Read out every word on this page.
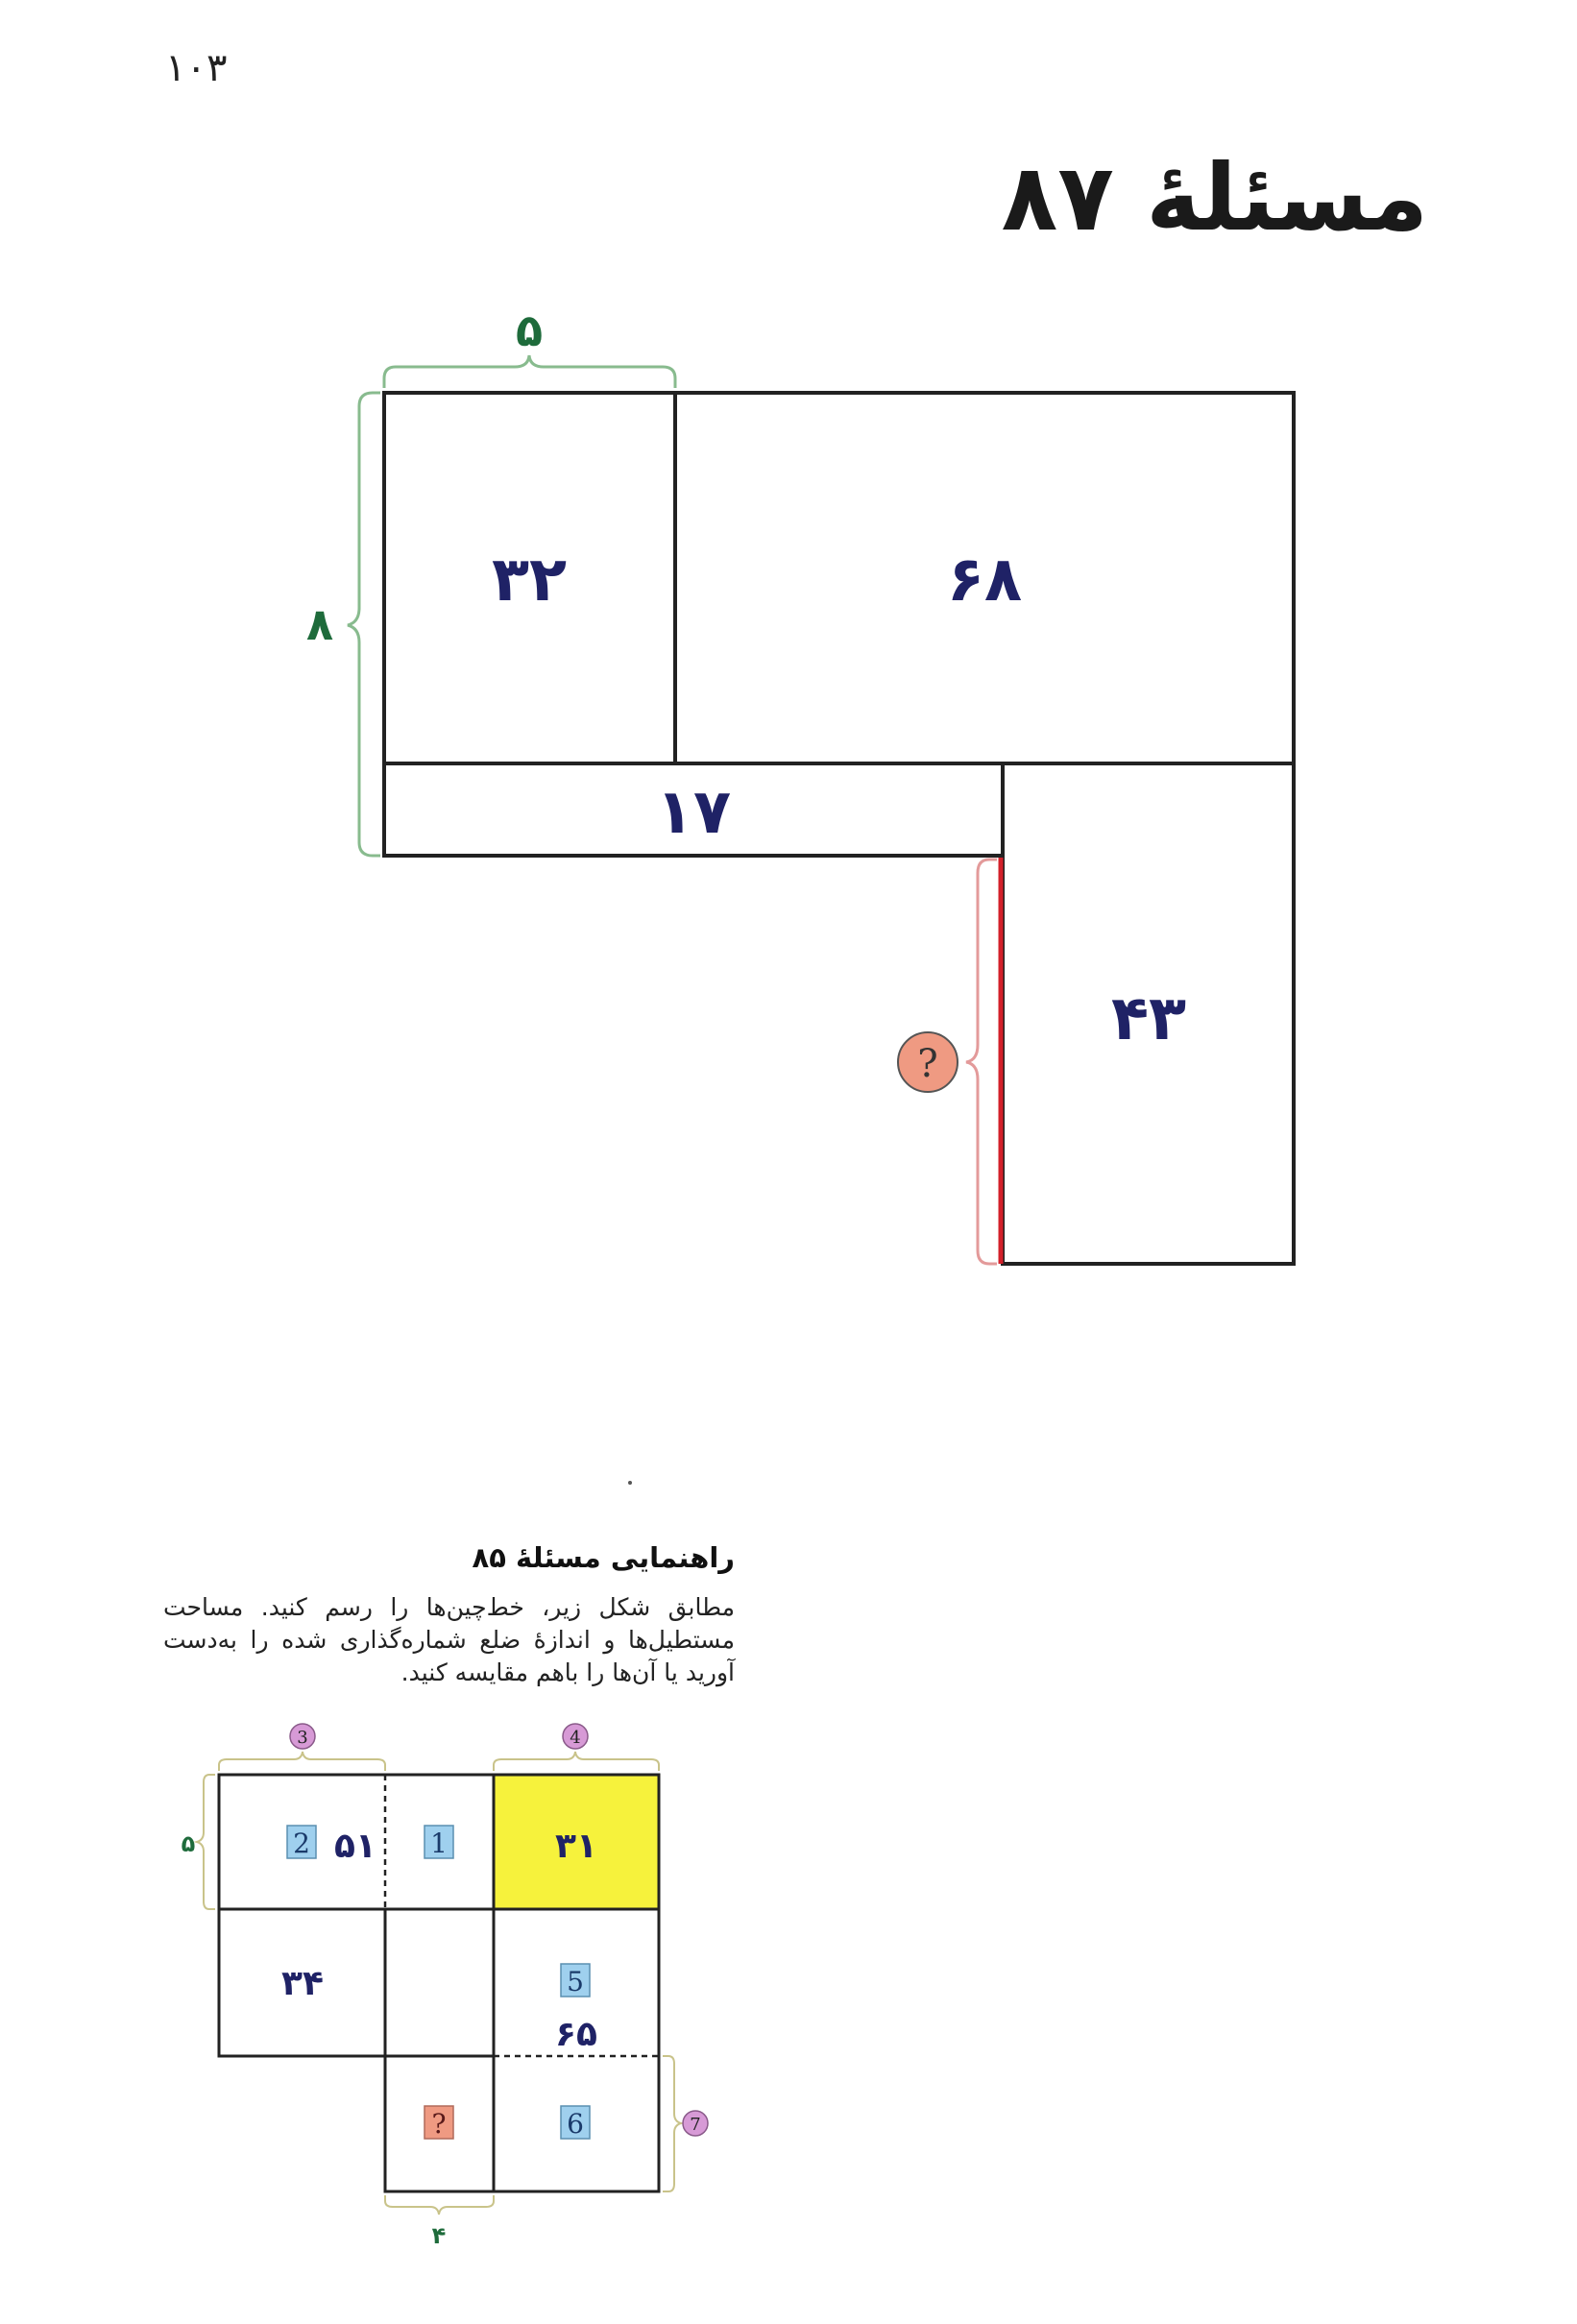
۱۰۳
مسئلهٔ ۸۷
۳۲	۶۸
۱۷
۴۳
۵
۸
?
3	4
7
2	1
5
6
?
۵۱	۳۱
۳۴
۶۵
۵
۴

راهنمایی مسئلهٔ ۸۵

مطابق شکل زیر، خط‌چین‌ها را رسم کنید. مساحت مستطیل‌ها و اندازهٔ ضلع شماره‌گذاری شده را به‌دست آورید یا آن‌ها را باهم مقایسه کنید.
